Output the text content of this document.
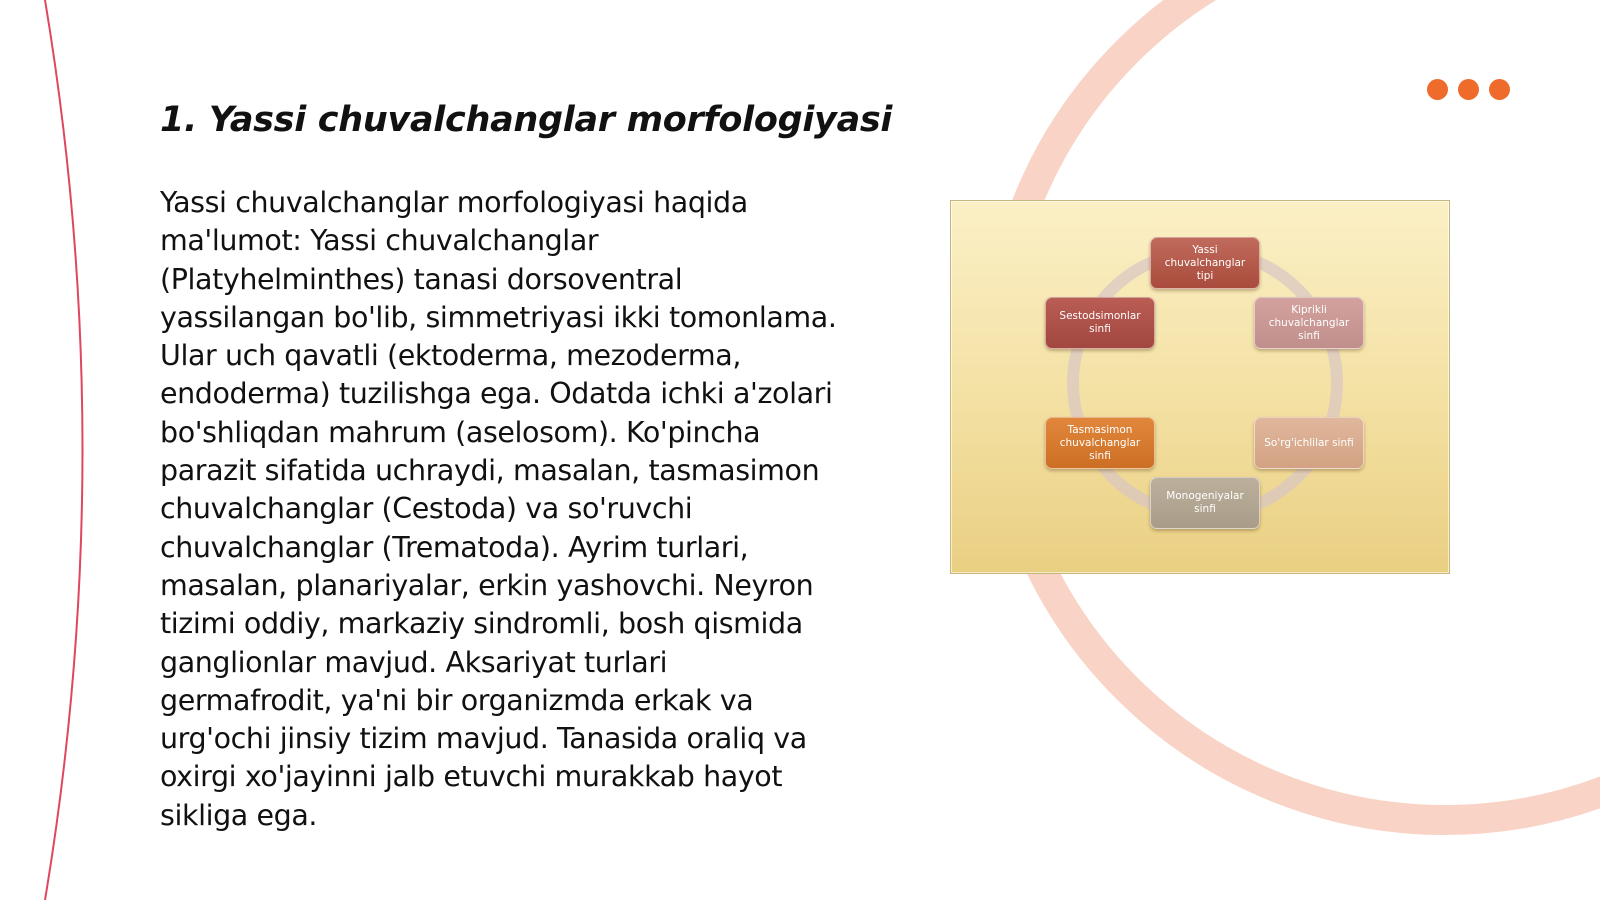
1. Yassi chuvalchanglar morfologiyasi

Yassi chuvalchanglar morfologiyasi haqida ma'lumot: Yassi chuvalchanglar (Platyhelminthes) tanasi dorsoventral yassilangan bo'lib, simmetriyasi ikki tomonlama. Ular uch qavatli (ektoderma, mezoderma, endoderma) tuzilishga ega. Odatda ichki a'zolari bo'shliqdan mahrum (aselosom). Ko'pincha parazit sifatida uchraydi, masalan, tasmasimon chuvalchanglar (Cestoda) va so'ruvchi chuvalchanglar (Trematoda). Ayrim turlari, masalan, planariyalar, erkin yashovchi. Neyron tizimi oddiy, markaziy sindromli, bosh qismida ganglionlar mavjud. Aksariyat turlari germafrodit, ya'ni bir organizmda erkak va urg'ochi jinsiy tizim mavjud. Tanasida oraliq va oxirgi xo'jayinni jalb etuvchi murakkab hayot sikliga ega.

Yassi chuvalchanglar tipi
Kiprikli chuvalchanglar sinfi
So'rg'ichlilar sinfi
Monogeniyalar sinfi
Tasmasimon chuvalchanglar sinfi
Sestodsimonlar sinfi
